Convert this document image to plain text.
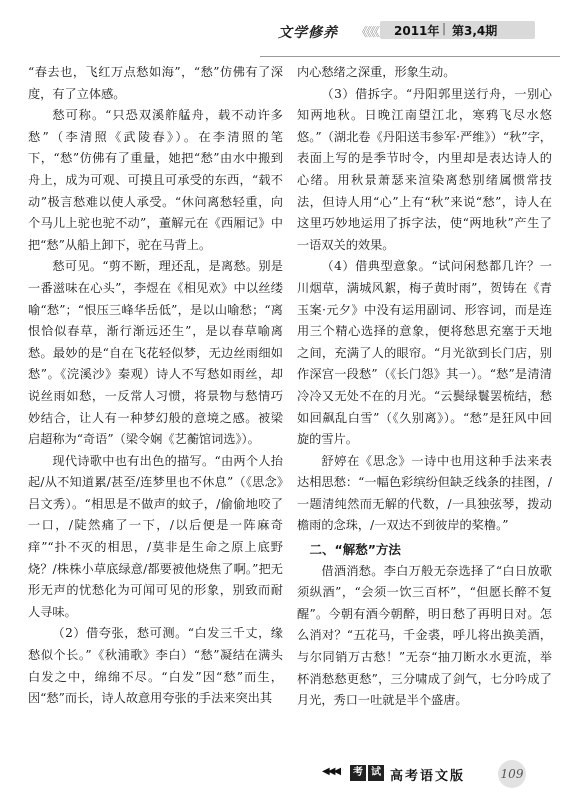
文学修养 《《《《 2011年 | 第3,4期

“春去也，飞红万点愁如海”，“愁”仿佛有了深度，有了立体感。

愁可称。“只恐双溪舴艋舟，载不动许多愁”（李清照《武陵春》）。在李清照的笔下，“愁”仿佛有了重量，她把“愁”由水中搬到舟上，成为可观、可摸且可承受的东西，“载不动”极言愁难以使人承受。“休问离愁轻重，向个马儿上驼也驼不动”，董解元在《西厢记》中把“愁”从船上卸下，驼在马背上。

愁可见。“剪不断，理还乱，是离愁。别是一番滋味在心头”，李煜在《相见欢》中以丝缕喻“愁”；“恨压三峰华岳低”，是以山喻愁；“离恨恰似春草，渐行渐远还生”，是以春草喻离愁。最妙的是“自在飞花轻似梦，无边丝雨细如愁”。《浣溪沙》秦观）诗人不写愁如雨丝，却说丝雨如愁，一反常人习惯，将景物与愁情巧妙结合，让人有一种梦幻般的意境之感。被梁启超称为“奇语”（梁令娴《艺蘅馆词选》）。

现代诗歌中也有出色的描写。“由两个人抬起/从不知道累/甚至/连梦里也不休息”（《思念》吕文秀）。“相思是不做声的蚊子，/偷偷地咬了一口，/陡然痛了一下，/以后便是一阵麻奇痒”“扑不灭的相思，/莫非是生命之原上底野烧？/株株小草底绿意/都要被他烧焦了啊。”把无形无声的忧愁化为可闻可见的形象，别致而耐人寻味。

（2）借夸张，愁可测。“白发三千丈，缘愁似个长。”《秋浦歌》李白）“愁”凝结在满头白发之中，绵绵不尽。“白发”因“愁”而生，因“愁”而长，诗人故意用夸张的手法来突出其

内心愁绪之深重，形象生动。

（3）借拆字。“丹阳郭里送行舟，一别心知两地秋。日晚江南望江北，寒鸦飞尽水悠悠。”（湖北卷《丹阳送韦参军·严维》）“秋”字，表面上写的是季节时令，内里却是表达诗人的心绪。用秋景萧瑟来渲染离愁别绪属惯常技法，但诗人用“心”上有“秋”来说“愁”，诗人在这里巧妙地运用了拆字法，使“两地秋”产生了一语双关的效果。

（4）借典型意象。“试问闲愁都几许？一川烟草，满城风絮，梅子黄时雨”，贺铸在《青玉案·元夕》中没有运用副词、形容词，而是连用三个精心选择的意象，便将愁思充塞于天地之间，充满了人的眼帘。“月光欲到长门店，别作深宫一段愁”（《长门怨》其一）。“愁”是清清冷冷又无处不在的月光。“云鬓绿鬟罢梳结，愁如回飙乱白雪”（《久别离》）。“愁”是狂风中回旋的雪片。

舒婷在《思念》一诗中也用这种手法来表达相思愁：“一幅色彩缤纷但缺乏线条的挂图，/一题清纯然而无解的代数，/一具独弦琴，拨动檐雨的念珠，/一双达不到彼岸的桨橹。”

二、“解愁”方法

借酒消愁。李白万般无奈选择了“白日放歌须纵酒”，“会须一饮三百杯”，“但愿长醉不复醒”。今朝有酒今朝醉，明日愁了再明日对。怎么消对？“五花马，千金裘，呼儿将出换美酒，与尔同销万古愁！”无奈“抽刀断水水更流，举杯消愁愁更愁”，三分啸成了剑气，七分吟成了月光，秀口一吐就是半个盛唐。

◀◀◀	考 试 高考语文版	109
